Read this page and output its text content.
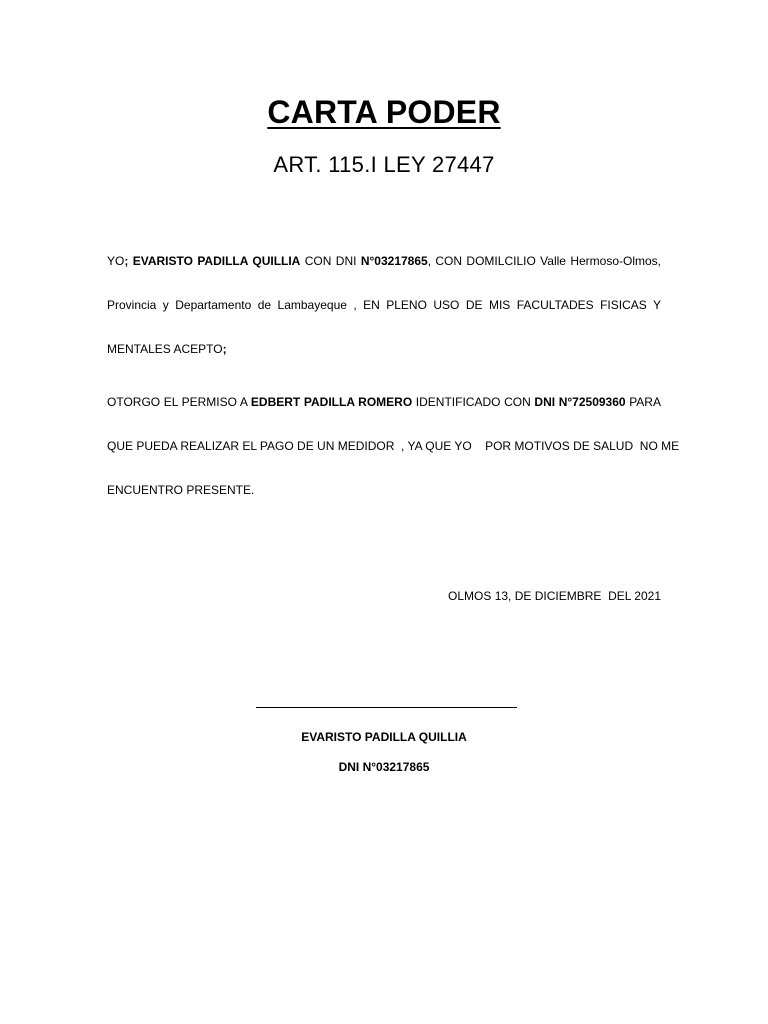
CARTA PODER
ART. 115.I LEY 27447
YO; EVARISTO PADILLA QUILLIA CON DNI N°03217865, CON DOMILCILIO Valle Hermoso-Olmos,
Provincia y Departamento de Lambayeque , EN PLENO USO DE MIS FACULTADES FISICAS Y
MENTALES ACEPTO;
OTORGO EL PERMISO A EDBERT PADILLA ROMERO IDENTIFICADO CON DNI N°72509360 PARA
QUE PUEDA REALIZAR EL PAGO DE UN MEDIDOR  , YA QUE YO    POR MOTIVOS DE SALUD  NO ME
ENCUENTRO PRESENTE.
OLMOS 13, DE DICIEMBRE  DEL 2021
EVARISTO PADILLA QUILLIA
DNI N°03217865
